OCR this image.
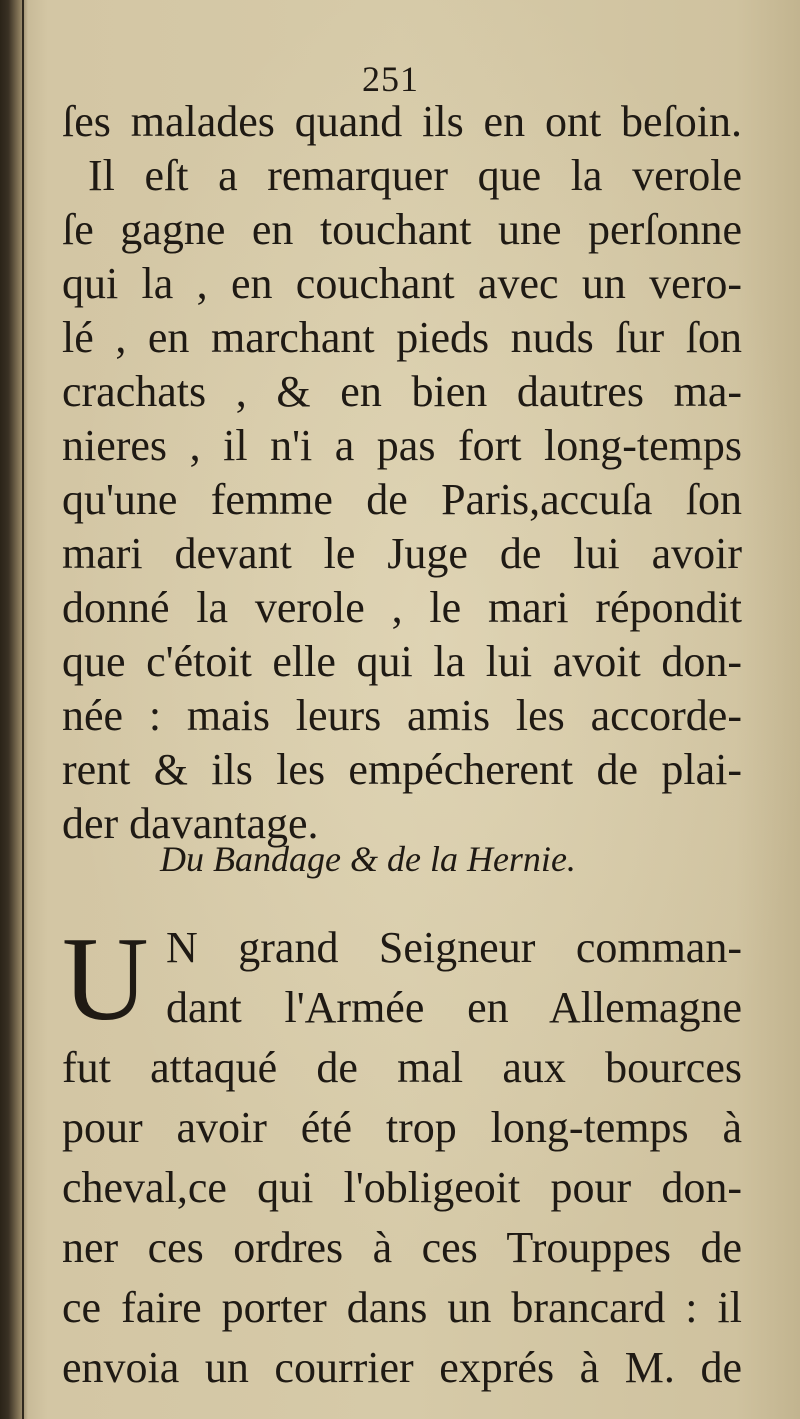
251
ſes malades quand ils en ont beſoin.
Il eſt a remarquer que la verole
ſe gagne en touchant une perſonne
qui la , en couchant avec un vero-
lé , en marchant pieds nuds ſur ſon
crachats , & en bien dautres ma-
nieres , il n'i a pas fort long-temps
qu'une femme de Paris,accuſa ſon
mari devant le Juge de lui avoir
donné la verole , le mari répondit
que c'étoit elle qui la lui avoit don-
née : mais leurs amis les accorde-
rent & ils les empécherent de plai-
der davantage.
Du Bandage & de la Hernie.
U N grand Seigneur comman-
dant l'Armée en Allemagne
fut attaqué de mal aux bources
pour avoir été trop long-temps à
cheval,ce qui l'obligeoit pour don-
ner ces ordres à ces Trouppes de
ce faire porter dans un brancard : il
envoia un courrier exprés à M. de
